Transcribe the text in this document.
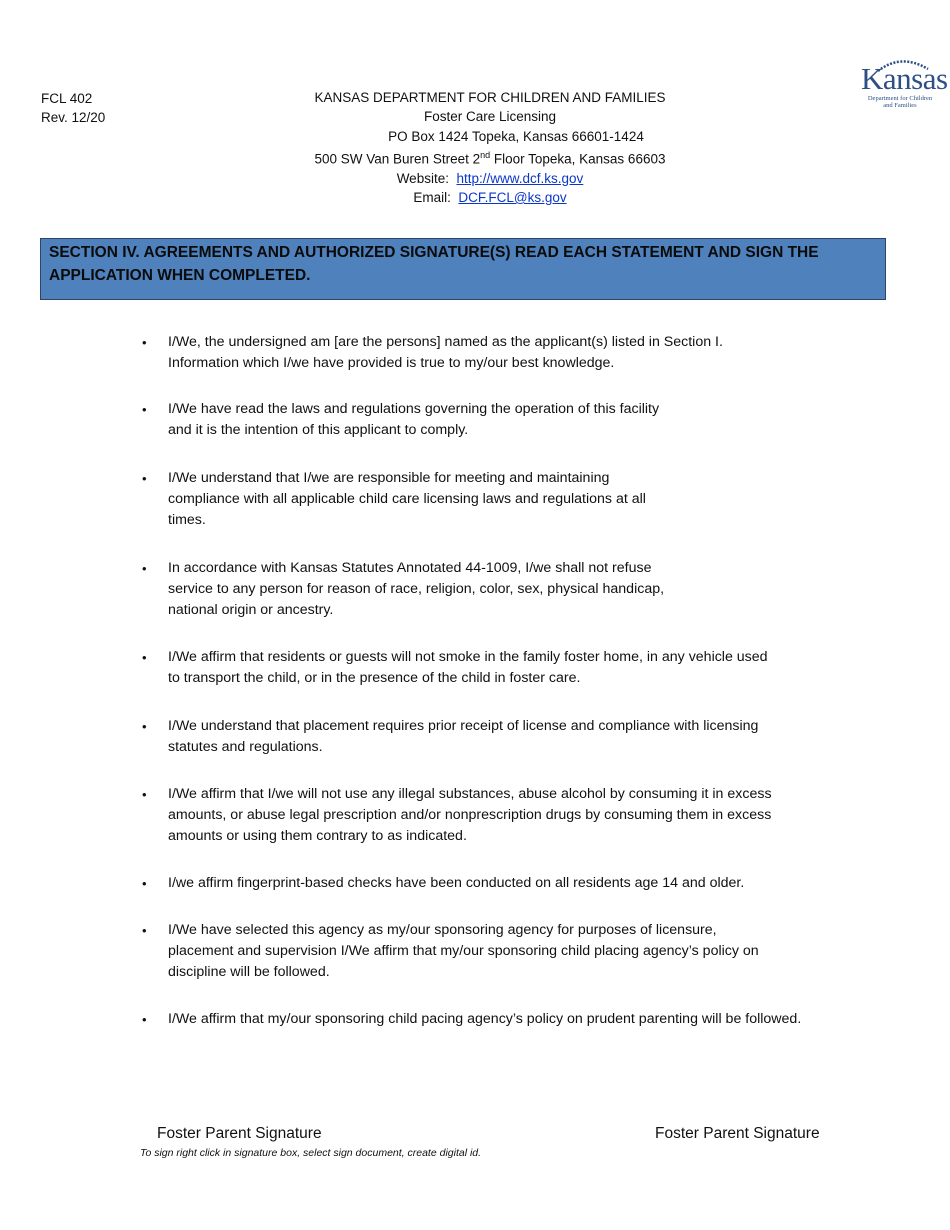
FCL 402
Rev. 12/20
KANSAS DEPARTMENT FOR CHILDREN AND FAMILIES
Foster Care Licensing
PO Box 1424 Topeka, Kansas 66601-1424
500 SW Van Buren Street 2nd Floor Topeka, Kansas 66603
Website: http://www.dcf.ks.gov
Email: DCF.FCL@ks.gov
Kansas
Department for Children
and Families
SECTION IV. AGREEMENTS AND AUTHORIZED SIGNATURE(S) READ EACH STATEMENT AND SIGN THE
APPLICATION WHEN COMPLETED.
• I/We, the undersigned am [are the persons] named as the applicant(s) listed in Section I.
Information which I/we have provided is true to my/our best knowledge.
• I/We have read the laws and regulations governing the operation of this facility
and it is the intention of this applicant to comply.
• I/We understand that I/we are responsible for meeting and maintaining
compliance with all applicable child care licensing laws and regulations at all
times.
• In accordance with Kansas Statutes Annotated 44-1009, I/we shall not refuse
service to any person for reason of race, religion, color, sex, physical handicap,
national origin or ancestry.
• I/We affirm that residents or guests will not smoke in the family foster home, in any vehicle used
to transport the child, or in the presence of the child in foster care.
• I/We understand that placement requires prior receipt of license and compliance with licensing
statutes and regulations.
• I/We affirm that I/we will not use any illegal substances, abuse alcohol by consuming it in excess
amounts, or abuse legal prescription and/or nonprescription drugs by consuming them in excess
amounts or using them contrary to as indicated.
• I/we affirm fingerprint-based checks have been conducted on all residents age 14 and older.
• I/We have selected this agency as my/our sponsoring agency for purposes of licensure,
placement and supervision I/We affirm that my/our sponsoring child placing agency’s policy on
discipline will be followed.
• I/We affirm that my/our sponsoring child pacing agency’s policy on prudent parenting will be followed.
Foster Parent Signature	Foster Parent Signature
To sign right click in signature box, select sign document, create digital id.
